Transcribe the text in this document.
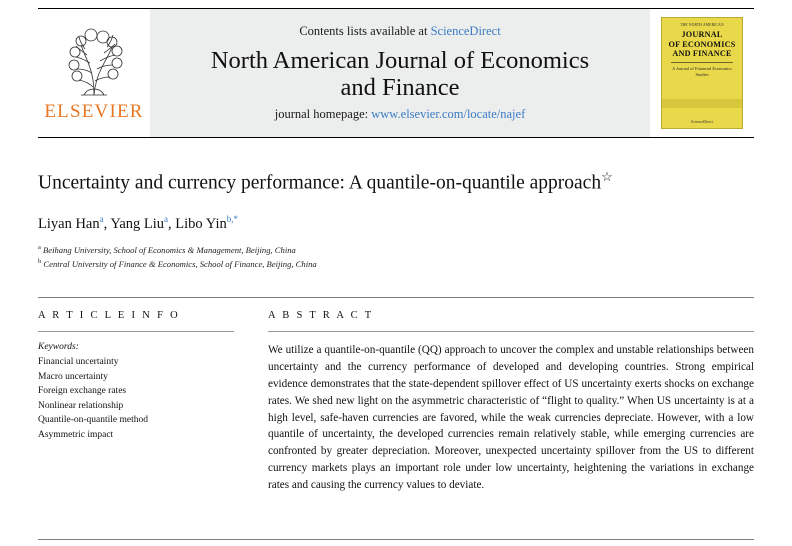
ELSEVIER
Contents lists available at ScienceDirect
North American Journal of Economics
and Finance
journal homepage: www.elsevier.com/locate/najef
THE NORTH AMERICAN
JOURNAL
OF ECONOMICS
AND FINANCE
A Journal of Financial Economics Studies
ScienceDirect
Uncertainty and currency performance: A quantile-on-quantile approach☆
Liyan Han$^a$, Yang Liu$^a$, Libo Yin$^{b,*}$
$^a$ Beihang University, School of Economics & Management, Beijing, China
$^b$ Central University of Finance & Economics, School of Finance, Beijing, China
A R T I C L E I N F O
Keywords:
Financial uncertainty
Macro uncertainty
Foreign exchange rates
Nonlinear relationship
Quantile-on-quantile method
Asymmetric impact
A B S T R A C T

We utilize a quantile-on-quantile (QQ) approach to uncover the complex and unstable relationships between uncertainty and the currency performance of developed and developing countries. Strong empirical evidence demonstrates that the state-dependent spillover effect of US uncertainty exerts shocks on exchange rates. We shed new light on the asymmetric characteristic of “flight to quality.” When US uncertainty is at a high level, safe-haven currencies are favored, while the weak currencies depreciate. However, with a low quantile of uncertainty, the developed currencies remain relatively stable, while emerging currencies are confronted by greater depreciation. Moreover, unexpected uncertainty spillover from the US to different currency markets plays an important role under low uncertainty, heightening the variations in exchange rates and causing the currency values to deviate.
